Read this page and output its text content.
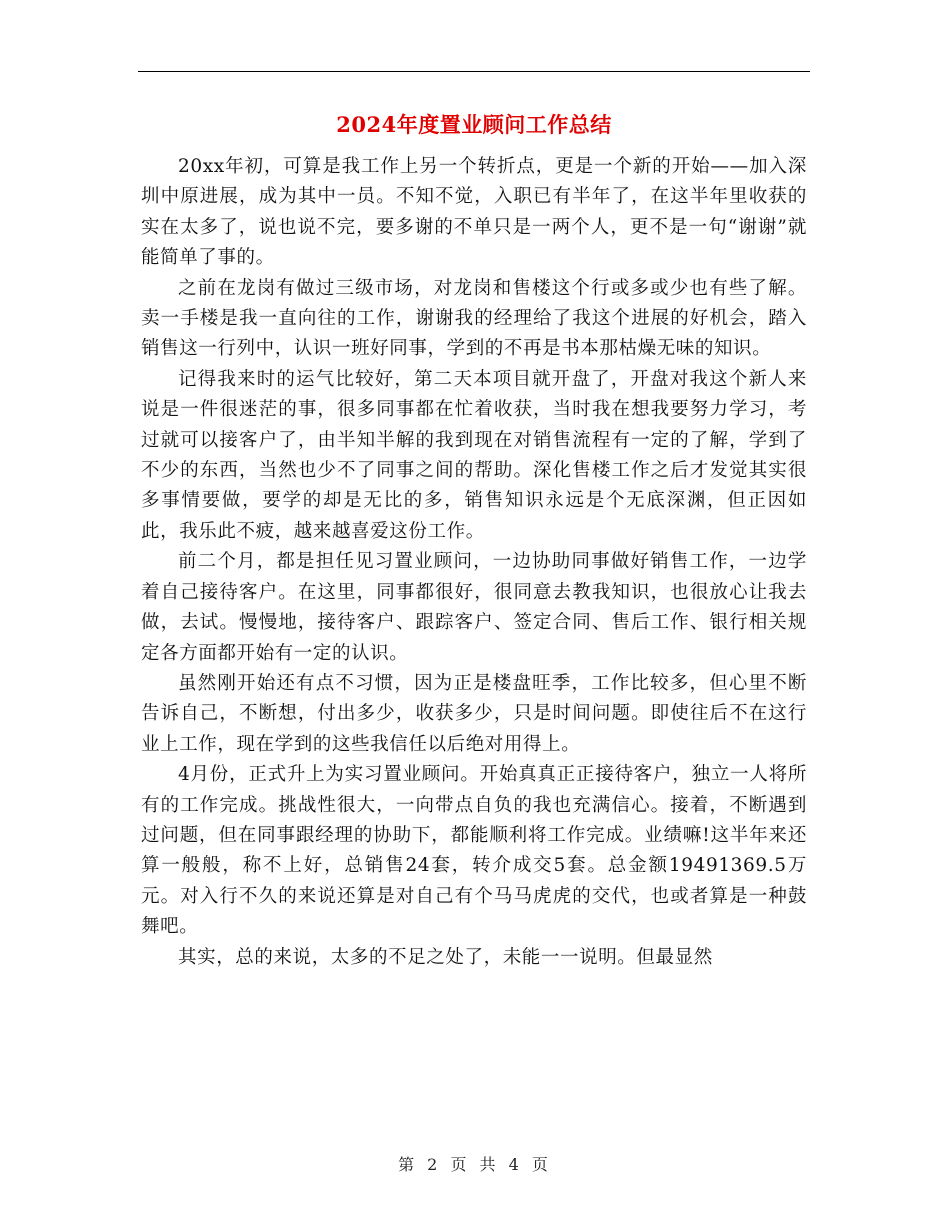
2024年度置业顾问工作总结

20xx年初，可算是我工作上另一个转折点，更是一个新的开始——加入深圳中原进展，成为其中一员。不知不觉，入职已有半年了，在这半年里收获的实在太多了，说也说不完，要多谢的不单只是一两个人，更不是一句“谢谢”就能简单了事的。

之前在龙岗有做过三级市场，对龙岗和售楼这个行或多或少也有些了解。卖一手楼是我一直向往的工作，谢谢我的经理给了我这个进展的好机会，踏入销售这一行列中，认识一班好同事，学到的不再是书本那枯燥无味的知识。

记得我来时的运气比较好，第二天本项目就开盘了，开盘对我这个新人来说是一件很迷茫的事，很多同事都在忙着收获，当时我在想我要努力学习，考过就可以接客户了，由半知半解的我到现在对销售流程有一定的了解，学到了不少的东西，当然也少不了同事之间的帮助。深化售楼工作之后才发觉其实很多事情要做，要学的却是无比的多，销售知识永远是个无底深渊，但正因如此，我乐此不疲，越来越喜爱这份工作。

前二个月，都是担任见习置业顾问，一边协助同事做好销售工作，一边学着自己接待客户。在这里，同事都很好，很同意去教我知识，也很放心让我去做，去试。慢慢地，接待客户、跟踪客户、签定合同、售后工作、银行相关规定各方面都开始有一定的认识。

虽然刚开始还有点不习惯，因为正是楼盘旺季，工作比较多，但心里不断告诉自己，不断想，付出多少，收获多少，只是时间问题。即使往后不在这行业上工作，现在学到的这些我信任以后绝对用得上。

4月份，正式升上为实习置业顾问。开始真真正正接待客户，独立一人将所有的工作完成。挑战性很大，一向带点自负的我也充满信心。接着，不断遇到过问题，但在同事跟经理的协助下，都能顺利将工作完成。业绩嘛!这半年来还算一般般，称不上好，总销售24套，转介成交5套。总金额19491369.5万元。对入行不久的来说还算是对自己有个马马虎虎的交代，也或者算是一种鼓舞吧。

其实，总的来说，太多的不足之处了，未能一一说明。但最显然

第 2 页 共 4 页
